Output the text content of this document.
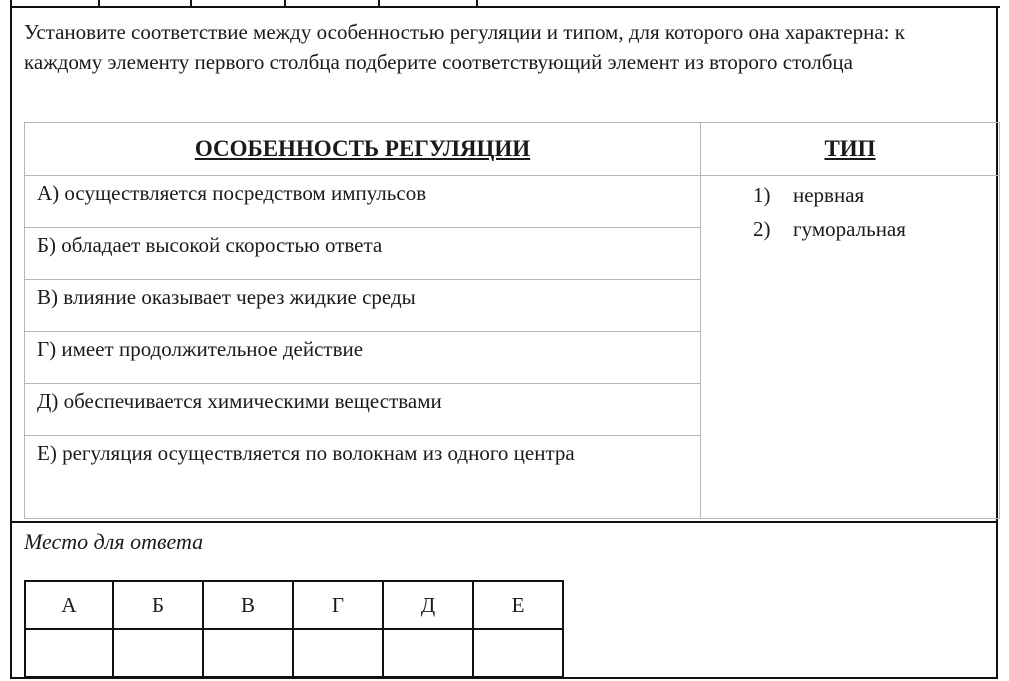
Установите соответствие между особенностью регуляции и типом, для которого она характерна: к каждому элементу первого столбца подберите соответствующий элемент из второго столбца
ОСОБЕННОСТЬ РЕГУЛЯЦИИ	ТИП
А) осуществляется посредством импульсов
Б) обладает высокой скоростью ответа
В) влияние оказывает через жидкие среды
Г) имеет продолжительное действие
Д) обеспечивается химическими веществами
Е) регуляция осуществляется по волокнам из одного центра
1) нервная
2) гуморальная
Место для ответа
А	Б	В	Г	Д	Е
